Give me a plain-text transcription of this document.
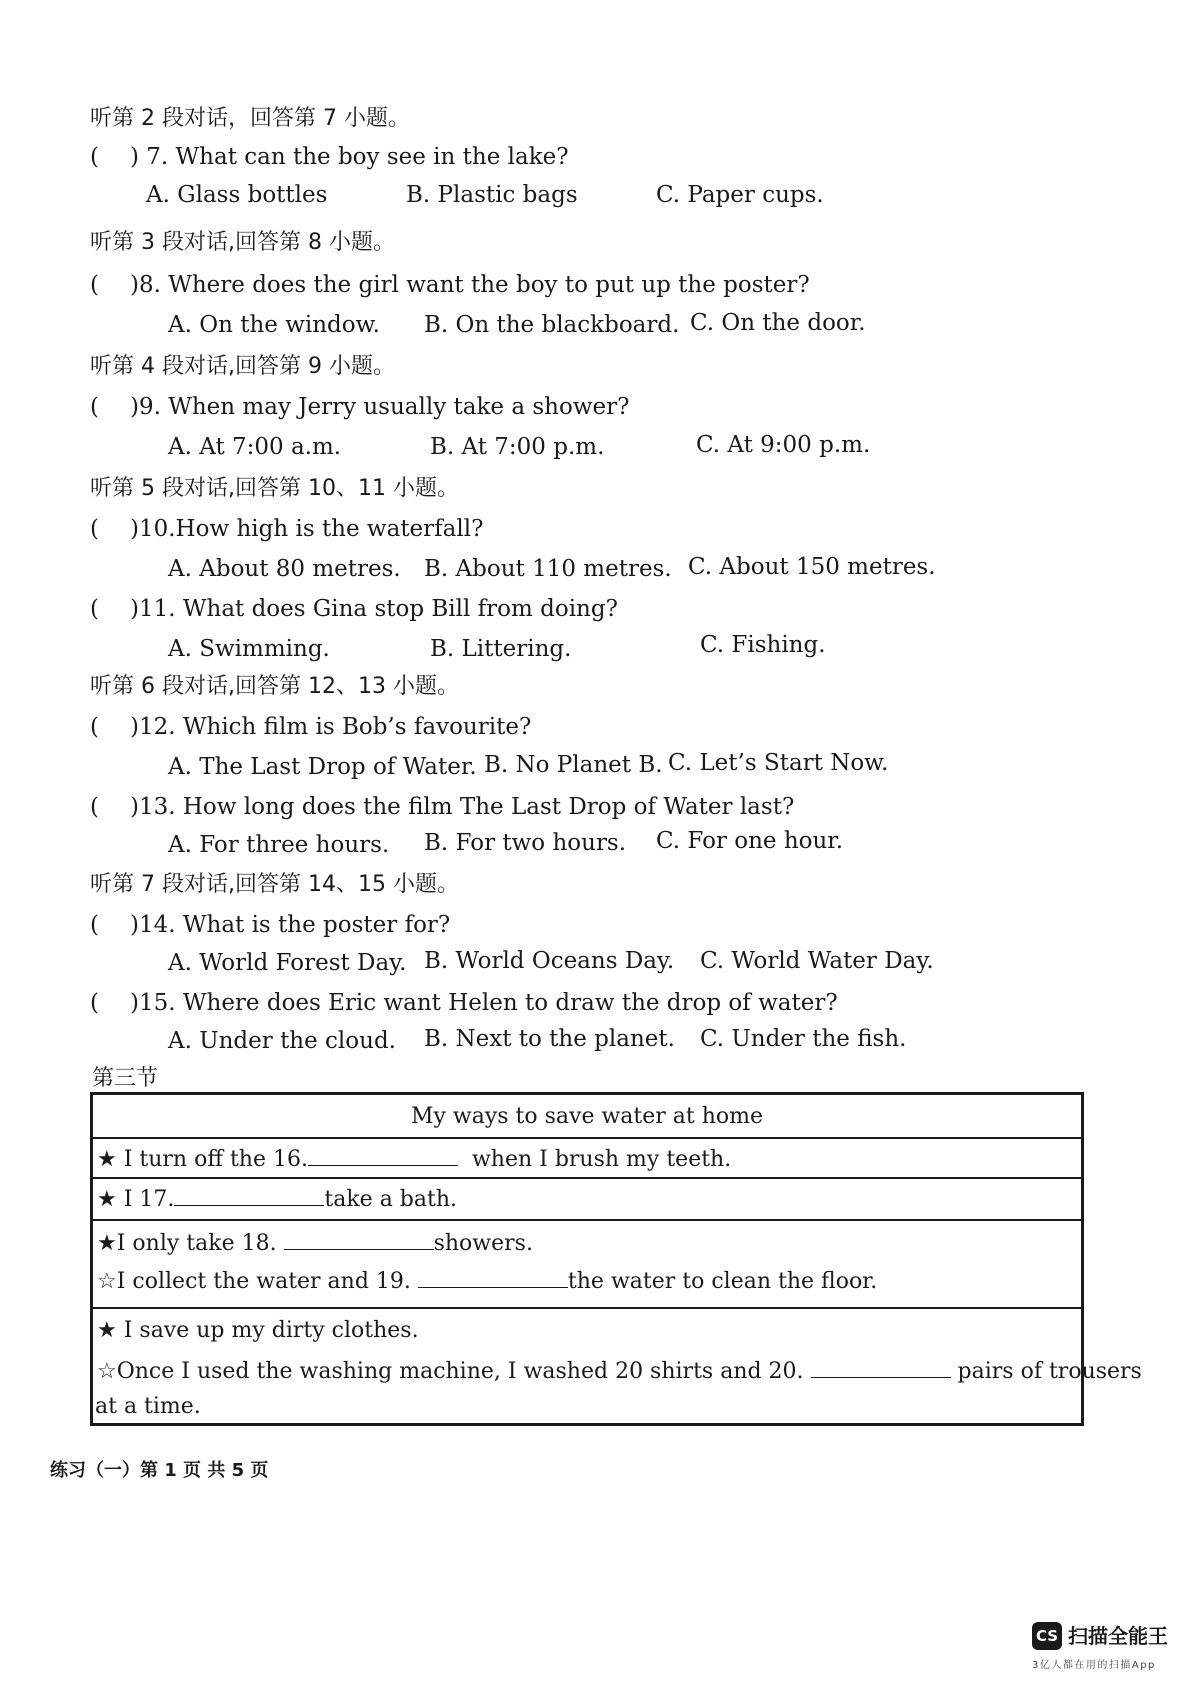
听第 2 段对话，回答第 7 小题。
( ) 7. What can the boy see in the lake?
A. Glass bottles	B. Plastic bags	C. Paper cups.
听第 3 段对话,回答第 8 小题。
( )8. Where does the girl want the boy to put up the poster?
A. On the window. B. On the blackboard. C. On the door.
听第 4 段对话,回答第 9 小题。
( )9. When may Jerry usually take a shower?
A. At 7:00 a.m.	B. At 7:00 p.m.	C. At 9:00 p.m.
听第 5 段对话,回答第 10、11 小题。
( )10.How high is the waterfall?
A. About 80 metres. B. About 110 metres. C. About 150 metres.
( )11. What does Gina stop Bill from doing?
A. Swimming.	B. Littering.	C. Fishing.
听第 6 段对话,回答第 12、13 小题。
( )12. Which film is Bob’s favourite?
A. The Last Drop of Water. B. No Planet B. C. Let’s Start Now.
( )13. How long does the film The Last Drop of Water last?
A. For three hours. B. For two hours. C. For one hour.
听第 7 段对话,回答第 14、15 小题。
( )14. What is the poster for?
A. World Forest Day. B. World Oceans Day. C. World Water Day.
( )15. Where does Eric want Helen to draw the drop of water?
A. Under the cloud. B. Next to the planet. C. Under the fish.
第三节
My ways to save water at home
★ I turn off the 16.	when I brush my teeth.
★ I 17.	take a bath.
★I only take 18.	showers.
☆I collect the water and 19.	the water to clean the floor.
★ I save up my dirty clothes.
☆Once I used the washing machine, I washed 20 shirts and 20.	pairs of trousers
at a time.
练习（一）第 1 页 共 5 页
CS 扫描全能王
3亿人都在用的扫描App
